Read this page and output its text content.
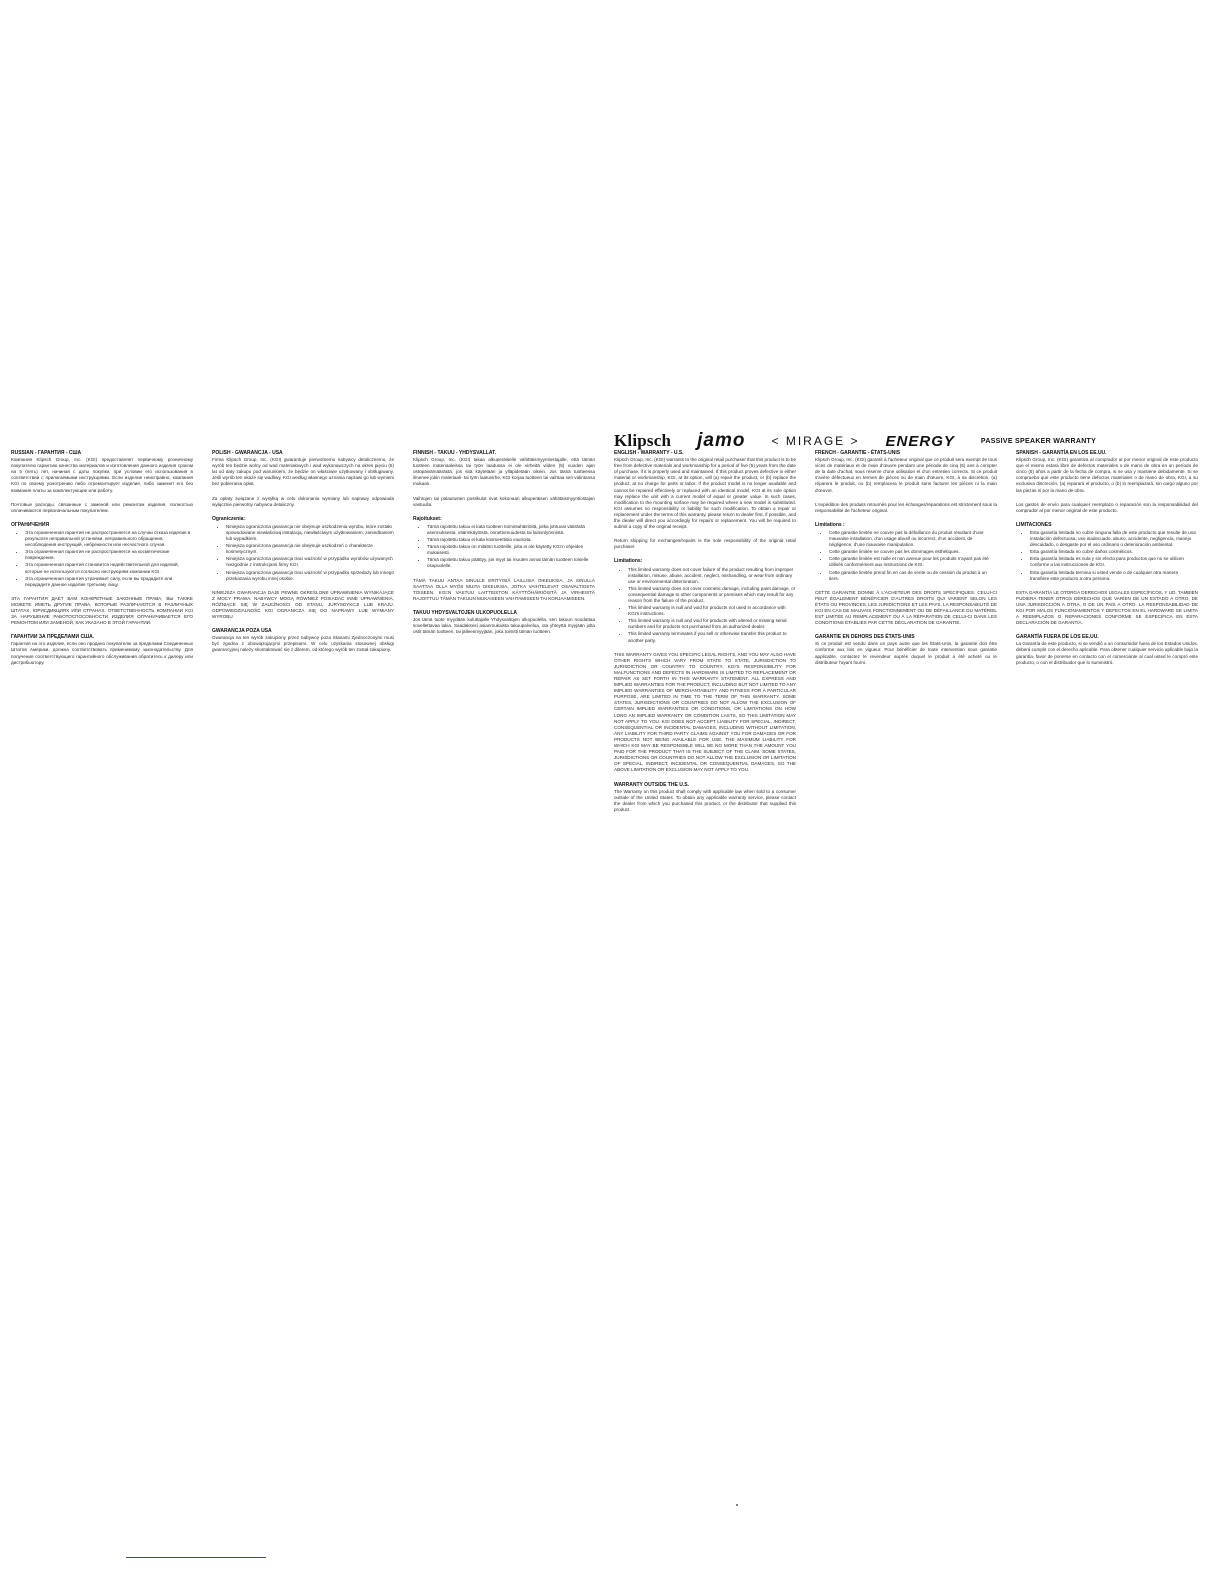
Klipsch jamo < MIRAGE > ENERGY	PASSIVE SPEAKER WARRANTY
RUSSIAN - ГАРАНТИЯ - США

Компания Klipsch Group, Inc. (KGI) предоставляет первичному розничному покупателю гарантию качества материалов и изготовления данного изделия сроком на 5 (пять) лет, начиная с даты покупки, при условии его использования в соответствии с прилагаемыми инструкциями. Если изделие неисправно, компания KGI по своему усмотрению либо отремонтирует изделие, либо заменит его без взимания платы за комплектующие или работу.

Почтовые расходы, связанные с заменой или ремонтом изделия, полностью оплачиваются первоначальным покупателем.

ОГРАНИЧЕНИЯ
• Эта ограниченная гарантия не распространяется на случаи отказа изделия в результате неправильной установки, неправильного обращения, несоблюдения инструкций, небрежности или несчастного случая.
• Эта ограниченная гарантия не распространяется на косметические повреждения.
• Эта ограниченная гарантия становится недействительной для изделий, которые не используются согласно инструкциям компании KGI.
• Эта ограниченная гарантия утрачивает силу, если вы продадите или передадите данное изделие третьему лицу.

ЭТА ГАРАНТИЯ ДАЕТ ВАМ КОНКРЕТНЫЕ ЗАКОННЫЕ ПРАВА, ВЫ ТАКЖЕ МОЖЕТЕ ИМЕТЬ ДРУГИЕ ПРАВА, КОТОРЫЕ РАЗЛИЧАЮТСЯ В РАЗЛИЧНЫХ ШТАТАХ, ЮРИСДИКЦИЯХ ИЛИ СТРАНАХ. ОТВЕТСТВЕННОСТЬ КОМПАНИИ KGI ЗА НАРУШЕНИЕ РАБОТОСПОСОБНОСТИ ИЗДЕЛИЯ ОГРАНИЧИВАЕТСЯ ЕГО РЕМОНТОМ ИЛИ ЗАМЕНОЙ, КАК УКАЗАНО В ЭТОЙ ГАРАНТИИ.

ГАРАНТИИ ЗА ПРЕДЕЛАМИ США.

Гарантия на это изделие, если оно продано покупателю за пределами Соединенных Штатов Америки, должна соответствовать применимому законодательству. Для получения соответствующего гарантийного обслуживания обратитесь к дилеру или дистрибьютору.

POLISH - GWARANCJA - USA

Firma Klipsch Group, Inc. (KGI) gwarantuje pierwotnemu nabywcy detalicznemu, że wyrób ten będzie wolny od wad materiałowych i wad wykonawczych na okres pięciu (5) lat od daty zakupu pod warunkiem, że będzie on właściwie użytkowany i obsługiwany. Jeśli wyrób ten okaże się wadliwy, KGI według własnego uznania naprawi go lub wymieni bez pobierania opłat.

Za opłaty związane z wysyłką w celu dokonania wymiany lub naprawy odpowiada wyłącznie pierwotny nabywca detaliczny.

Ograniczenia:
• Niniejsza ograniczona gwarancja nie obejmuje uszkodzenia wyrobu, które zostało spowodowane niewłaściwą instalacją, niewłaściwym użytkowaniem, zaniedbaniem lub wypadkiem.
• Niniejsza ograniczona gwarancja nie obejmuje uszkodzeń o charakterze kosmetycznym.
• Niniejsza ograniczona gwarancja traci ważność w przypadku wyrobów używanych niezgodnie z instrukcjami firmy KGI.
• Niniejsza ograniczona gwarancja traci ważność w przypadku sprzedaży lub innego przekazania wyrobu innej osobie.

NINIEJSZA GWARANCJA DAJE PEWNE OKREŚLONE UPRAWNIENIA WYNIKAJĄCE Z MOCY PRAWA. NABYWCY MOGĄ RÓWNIEŻ POSIADAĆ INNE UPRAWNIENIA, RÓŻNIĄCE SIĘ W ZALEŻNOŚCI OD STANU, JURYSDYKCJI LUB KRAJU. ODPOWIEDZIALNOŚĆ KGI OGRANICZA SIĘ DO NAPRAWY LUB WYMIANY WYROBU.

GWARANCJA POZA USA

Gwarancja na ten wyrób zakupiony przez nabywcę poza Stanami Zjednoczonymi musi być zgodna z obowiązującymi przepisami. W celu uzyskania stosownej obsługi gwarancyjnej należy skontaktować się z dilerem, od którego wyrób ten został zakupiony.

FINNISH - TAKUU - YHDYSVALLAT.

Klipsch Group, Inc. (KGI) takaa alkuperäiselle vähittäismyyntiostajalle, että tämän tuotteen materiaaleissa tai työn laadussa ei ole virheitä viiden (5) vuoden ajan ostopäivämäärästä, jos sitä käytetään ja ylläpidetään oikein. Jos tässä tuotteessa ilmenee jokin materiaali- tai työn laatuvirhe, KGI korjaa tuotteen tai vaihtaa sen valintansa mukaan.

Vaihtojen tai palautusten postikulut ovat kokonaan alkuperäisen vähittäismyyntiostajan vastuulla.

Rajoitukset:
• Tämä rajoitettu takuu ei kata tuotteen toimintahäiriöitä, jotka johtuvat väärästä asennuksesta, väärinkäytöstä, onnettomuudesta tai laiminlyönnistä.
• Tämä rajoitettu takuu ei kata kosmeettisia vaurioita.
• Tämä rajoitettu takuu on mitätön tuotteille, joita ei ole käytetty KGI:n ohjeiden mukaisesti.
• Tämä rajoitettu takuu päättyy, jos myyt tai muuten annat tämän tuotteen toiselle osapuolelle.

TÄMÄ TAKUU ANTAA SINULLE ERITYISIÄ LAILLISIA OIKEUKSIA, JA SINULLA SAATTAA OLLA MYÖS MUITA OIKEUKSIA, JOTKA VAIHTELEVAT OSAVALTIOSTA TOISEEN. KGI:N VASTUU LAITTEISTON KÄYTTÖHÄIRIÖISTÄ JA VIRHEISTÄ RAJOITTUU TÄMÄN TAKUUN MUKAISEEN VAIHTAMISEEN TAI KORJAAMISEEN.

TAKUU YHDYSVALTOJEN ULKOPUOLELLA

Jos tämä tuote myydään kuluttajalle Yhdysvaltojen ulkopuolella, sen takuun noudattaa sovellettavaa lakia. Saadaksesi asianmukaista takuupalvelua, ota yhteyttä myyjään jolta ostit tämän tuotteen, tai jälleenmyyjään, joka toimitti tämän tuotteen.

ENGLISH - WARRANTY - U.S.

Klipsch Group, Inc. (KGI) warrants to the original retail purchaser that this product is to be free from defective materials and workmanship for a period of five (5) years from the date of purchase, if it is properly used and maintained. If this product proves defective in either material or workmanship, KGI, at its option, will (a) repair the product, or (b) replace the product, at no charge for parts or labor. If the product model is no longer available and cannot be repaired effectively or replaced with an identical model, KGI at its sole option may replace the unit with a current model of equal or greater value. In such cases, modification to the mounting surface may be required where a new model is substituted. KGI assumes no responsibility or liability for such modification. To obtain a repair or replacement under the terms of this warranty, please return to dealer first, if possible, and the dealer will direct you accordingly for repairs or replacement. You will be required to submit a copy of the original receipt.

Return shipping for exchanges/repairs is the sole responsibility of the original retail purchaser.

Limitations:
• This limited warranty does not cover failure of the product resulting from improper installation, misuse, abuse, accident, neglect, mishandling, or wear from ordinary use or environmental deterioration.
• This limited warranty does not cover cosmetic damage, including paint damage, or consequential damage to other components or premises which may result for any reason from the failure of the product.
• This limited warranty is null and void for products not used in accordance with KGI's instructions.
• This limited warranty is null and void for products with altered or missing serial numbers and for products not purchased from an authorized dealer.
• This limited warranty terminates if you sell or otherwise transfer this product to another party.

THIS WARRANTY GIVES YOU SPECIFIC LEGAL RIGHTS, AND YOU MAY ALSO HAVE OTHER RIGHTS WHICH VARY FROM STATE TO STATE, JURISDICTION TO JURISDICTION OR COUNTRY TO COUNTRY. KGI'S RESPONSIBILITY FOR MALFUNCTIONS AND DEFECTS IN HARDWARE IS LIMITED TO REPLACEMENT OR REPAIR AS SET FORTH IN THIS WARRANTY STATEMENT. ALL EXPRESS AND IMPLIED WARRANTIES FOR THE PRODUCT, INCLUDING BUT NOT LIMITED TO ANY IMPLIED WARRANTIES OF MERCHANTABILITY AND FITNESS FOR A PARTICULAR PURPOSE, ARE LIMITED IN TIME TO THE TERM OF THIS WARRANTY. SOME STATES, JURISDICTIONS OR COUNTRIES DO NOT ALLOW THE EXCLUSION OF CERTAIN IMPLIED WARRANTIES OR CONDITIONS, OR LIMITATIONS ON HOW LONG AN IMPLIED WARRANTY OR CONDITION LASTS, SO THIS LIMITATION MAY NOT APPLY TO YOU. KGI DOES NOT ACCEPT LIABILITY FOR SPECIAL, INDIRECT, CONSEQUENTIAL OR INCIDENTAL DAMAGES, INCLUDING WITHOUT LIMITATION, ANY LIABILITY FOR THIRD PARTY CLAIMS AGAINST YOU FOR DAMAGES OR FOR PRODUCTS NOT BEING AVAILABLE FOR USE. THE MAXIMUM LIABILITY FOR WHICH KGI MAY BE RESPONSIBLE WILL BE NO MORE THAN THE AMOUNT YOU PAID FOR THE PRODUCT THAT IS THE SUBJECT OF THE CLAIM. SOME STATES, JURISDICTIONS OR COUNTRIES DO NOT ALLOW THE EXCLUSION OR LIMITATION OF SPECIAL, INDIRECT, INCIDENTAL OR CONSEQUENTIAL DAMAGES, SO THE ABOVE LIMITATION OR EXCLUSION MAY NOT APPLY TO YOU.

WARRANTY OUTSIDE THE U.S.

The Warranty on this product shall comply with applicable law when sold to a consumer outside of the United States. To obtain any applicable warranty service, please contact the dealer from which you purchased this product, or the distributor that supplied this product.

FRENCH - GARANTIE - ÉTATS-UNIS

Klipsch Group, Inc. (KGI) garantit à l'acheteur original que ce produit sera exempt de tous vices de matériaux et de main d'œuvre pendant une période de cinq (5) ans à compter de la date d'achat, sous réserve d'une utilisation et d'un entretien corrects. Si ce produit s'avère défectueux en termes de pièces ou de main d'œuvre, KGI, à sa discrétion, (a) réparera le produit, ou (b) remplacera le produit sans facturer les pièces ni la main d'œuvre.

L'expédition des produits retournés pour les échanges/réparations est strictement sous la responsabilité de l'acheteur original.

Limitations :
• Cette garantie limitée ne couvre pas la défaillance du produit résultant d'une mauvaise installation, d'un usage abusif ou incorrect, d'un accident, de négligence, d'une mauvaise manipulation.
• Cette garantie limitée ne couvre pas les dommages esthétiques.
• Cette garantie limitée est nulle et non avenue pour les produits n'ayant pas été utilisés conformément aux instructions de KGI.
• Cette garantie limitée prend fin en cas de vente ou de cession du produit à un tiers.

CETTE GARANTIE DONNE À L'ACHETEUR DES DROITS SPÉCIFIQUES. CELUI-CI PEUT ÉGALEMENT BÉNÉFICIER D'AUTRES DROITS QUI VARIENT SELON LES ÉTATS OU PROVINCES, LES JURIDICTIONS ET LES PAYS. LA RESPONSABILITÉ DE KGI EN CAS DE MAUVAIS FONCTIONNEMENT OU DE DÉFAILLANCE DU MATÉRIEL EST LIMITÉE AU REMPLACEMENT OU À LA RÉPARATION DE CELUI-CI DANS LES CONDITIONS ÉTABLIES PAR CETTE DÉCLARATION DE GARANTIE.

GARANTIE EN DEHORS DES ÉTATS-UNIS

Si ce produit est vendu dans un pays autre que les États-Unis, la garantie doit être conforme aux lois en vigueur. Pour bénéficier de toute intervention sous garantie applicable, contactez le revendeur auprès duquel le produit a été acheté ou le distributeur l'ayant fourni.

SPANISH - GARANTÍA EN LOS EE.UU.

Klipsch Group, Inc. (KGI) garantiza al comprador al por menor original de este producto que el mismo estará libre de defectos materiales o de mano de obra en un período de cinco (5) años a partir de la fecha de compra, si se usa y mantiene debidamente. Si se comprueba que este producto tiene defectos materiales o de mano de obra, KGI, a su exclusiva discreción, (a) reparará el producto, o (b) lo reemplazará, sin cargo alguno por las piezas ni por la mano de obra.

Los gastos de envío para cualquier reemplazo o reparación son la responsabilidad del comprador al por menor original de este producto.

LIMITACIONES
• Esta garantía limitada no cubre ninguna falla de este producto que resulte de una instalación defectuosa, uso inadecuado, abuso, accidente, negligencia, manejo descuidado, o desgaste por el uso ordinario o deterioración ambiental.
• Esta garantía limitada no cubre daños cosméticos.
• Esta garantía limitada es nula y sin efecto para productos que no se utilicen conforme a las instrucciones de KGI.
• Esta garantía limitada termina si usted vende o de cualquier otra manera transfiere este producto a otra persona.

ESTA GARANTÍA LE OTORGA DERECHOS LEGALES ESPECÍFICOS, Y UD. TAMBIÉN PUDIERA TENER OTROS DERECHOS QUE VARÍEN DE UN ESTADO A OTRO, DE UNA JURISDICCIÓN A OTRA, O DE UN PAÍS A OTRO. LA RESPONSABILIDAD DE KGI POR MALOS FUNCIONAMIENTOS Y DEFECTOS EN EL HARDWARE SE LIMITA A REEMPLAZOS O REPARACIONES CONFORME SE ESPECIFICA EN ESTA DECLARACIÓN DE GARANTÍA.

GARANTÍA FUERA DE LOS EE.UU.

La Garantía de este producto, si se vendió a un consumidor fuera de los Estados Unidos, deberá cumplir con el derecho aplicable. Para obtener cualquier servicio aplicable bajo la garantía, favor de ponerse en contacto con el comerciante al cual usted le compró este producto, o con el distribuidor que lo suministró.
